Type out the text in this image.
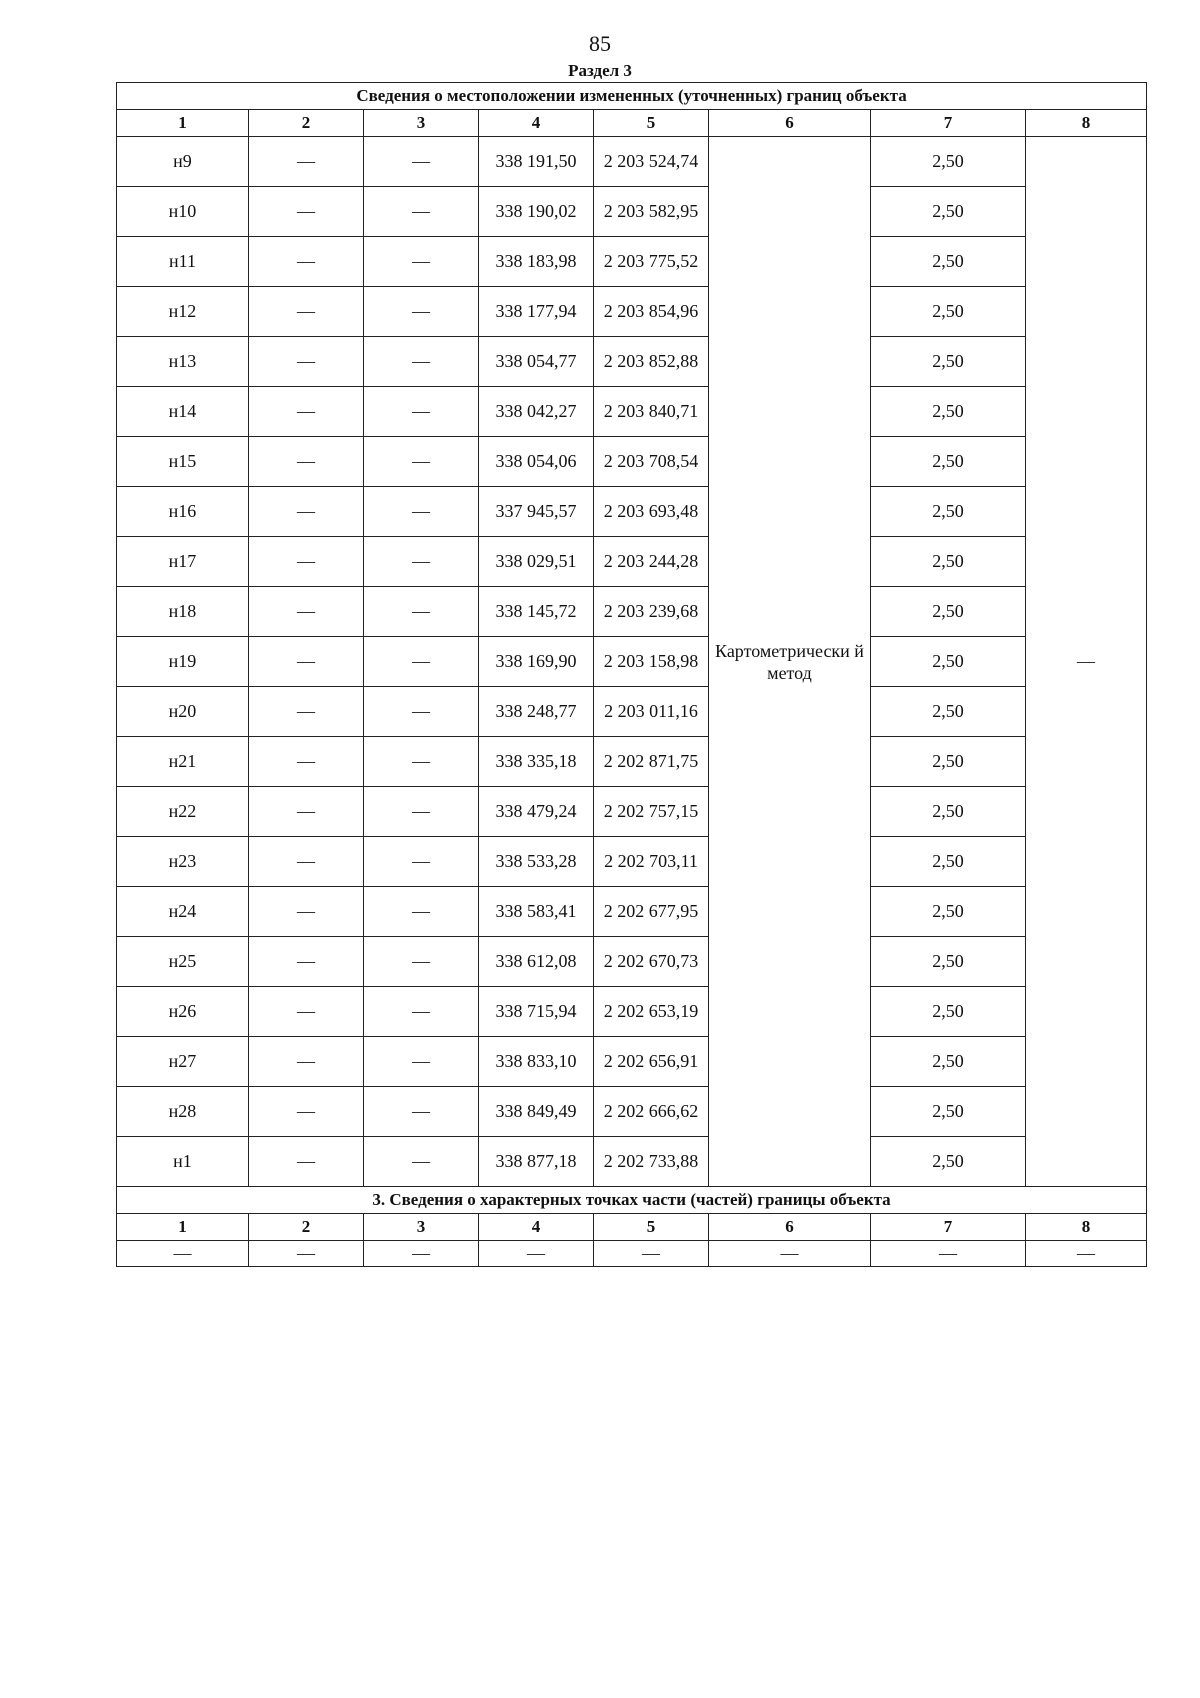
85
Раздел 3
Сведения о местоположении измененных (уточненных) границ объекта							
1	2	3	4	5	6	7	8
н9	—	—	338 191,50	2 203 524,74	Картометрически й метод	2,50	—
н10	—	—	338 190,02	2 203 582,95		2,50	
н11	—	—	338 183,98	2 203 775,52		2,50	
н12	—	—	338 177,94	2 203 854,96		2,50	
н13	—	—	338 054,77	2 203 852,88		2,50	
н14	—	—	338 042,27	2 203 840,71		2,50	
н15	—	—	338 054,06	2 203 708,54		2,50	
н16	—	—	337 945,57	2 203 693,48		2,50	
н17	—	—	338 029,51	2 203 244,28		2,50	
н18	—	—	338 145,72	2 203 239,68		2,50	
н19	—	—	338 169,90	2 203 158,98		2,50	
н20	—	—	338 248,77	2 203 011,16		2,50	
н21	—	—	338 335,18	2 202 871,75		2,50	
н22	—	—	338 479,24	2 202 757,15		2,50	
н23	—	—	338 533,28	2 202 703,11		2,50	
н24	—	—	338 583,41	2 202 677,95		2,50	
н25	—	—	338 612,08	2 202 670,73		2,50	
н26	—	—	338 715,94	2 202 653,19		2,50	
н27	—	—	338 833,10	2 202 656,91		2,50	
н28	—	—	338 849,49	2 202 666,62		2,50	
н1	—	—	338 877,18	2 202 733,88		2,50	
3. Сведения о характерных точках части (частей) границы объекта							
1	2	3	4	5	6	7	8
—	—	—	—	—	—	—	—
